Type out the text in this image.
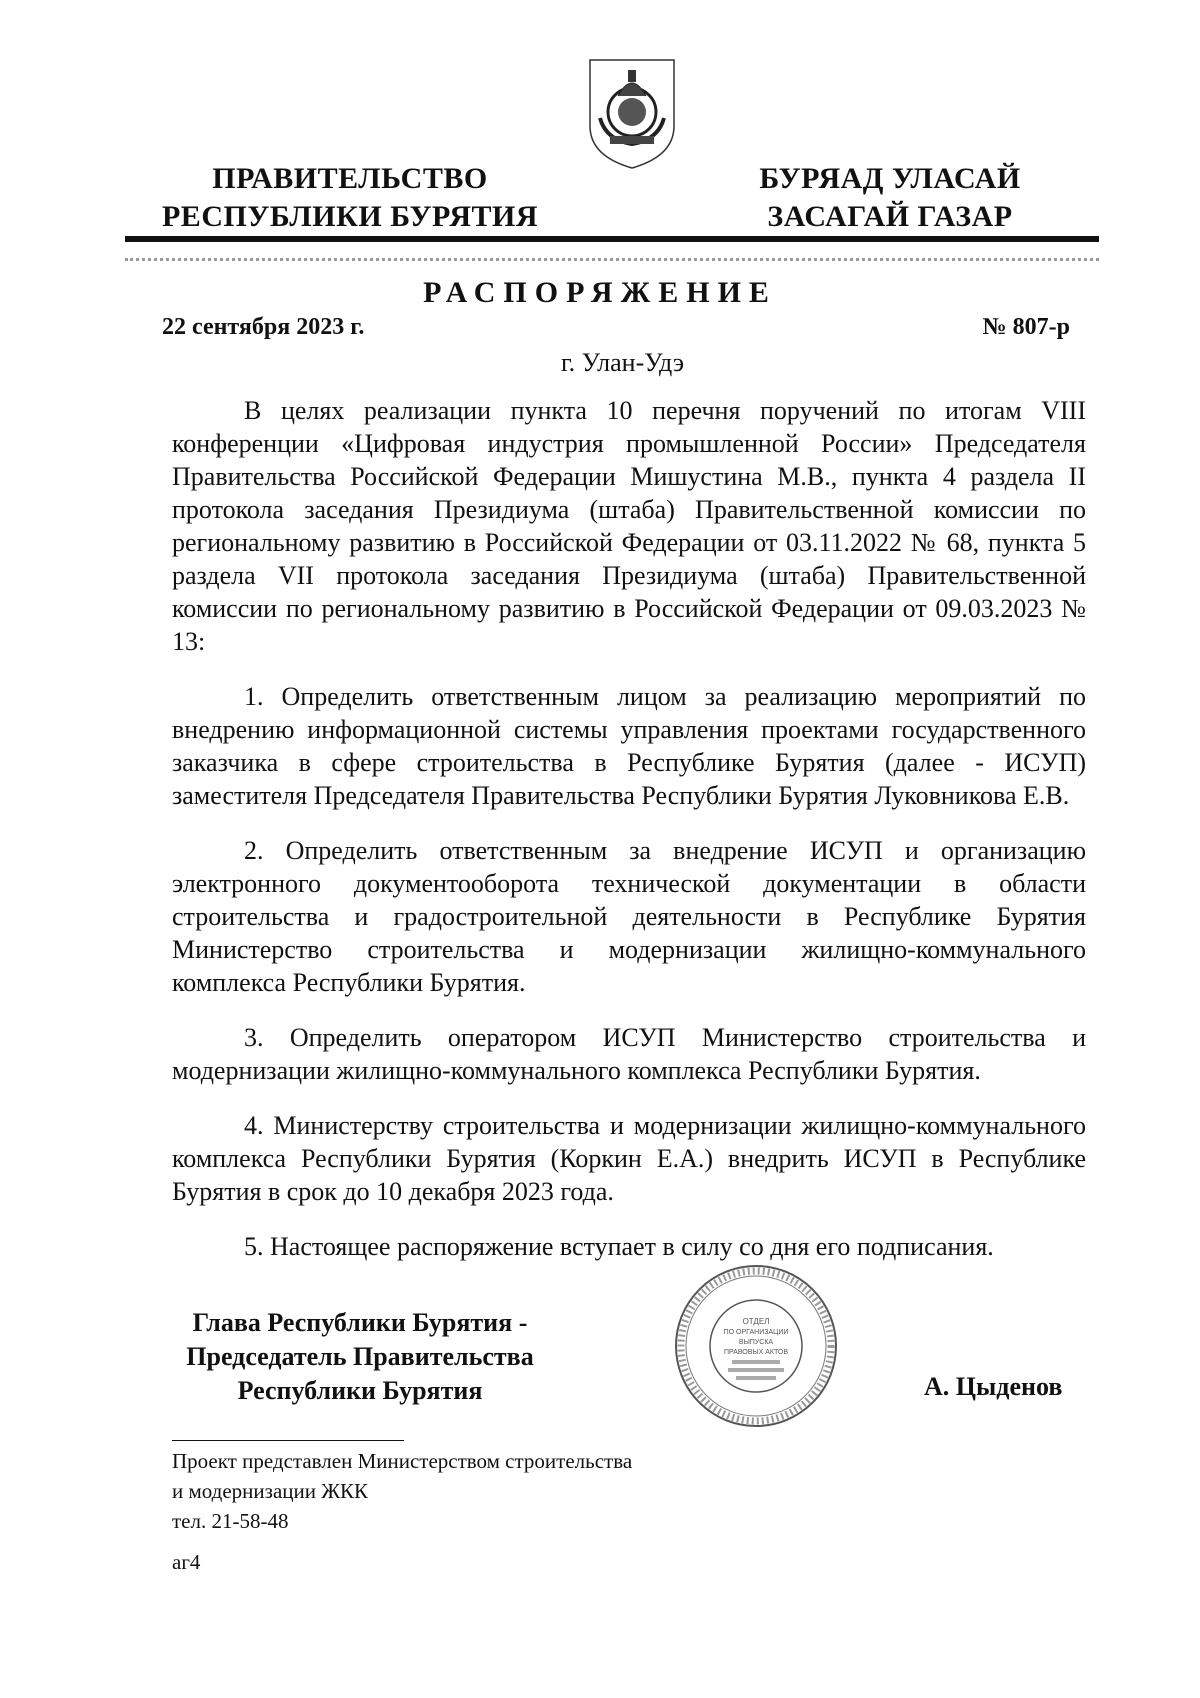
ПРАВИТЕЛЬСТВО
РЕСПУБЛИКИ БУРЯТИЯ
БУРЯАД УЛАСАЙ
ЗАСАГАЙ ГАЗАР
РАСПОРЯЖЕНИЕ
22 сентября 2023 г.	№ 807-р
г. Улан-Удэ

В целях реализации пункта 10 перечня поручений по итогам VIII конференции «Цифровая индустрия промышленной России» Председателя Правительства Российской Федерации Мишустина М.В., пункта 4 раздела II протокола заседания Президиума (штаба) Правительственной комиссии по региональному развитию в Российской Федерации от 03.11.2022 № 68, пункта 5 раздела VII протокола заседания Президиума (штаба) Правительственной комиссии по региональному развитию в Российской Федерации от 09.03.2023 № 13:

1. Определить ответственным лицом за реализацию мероприятий по внедрению информационной системы управления проектами государственного заказчика в сфере строительства в Республике Бурятия (далее - ИСУП) заместителя Председателя Правительства Республики Бурятия Луковникова Е.В.

2. Определить ответственным за внедрение ИСУП и организацию электронного документооборота технической документации в области строительства и градостроительной деятельности в Республике Бурятия Министерство строительства и модернизации жилищно-коммунального комплекса Республики Бурятия.

3. Определить оператором ИСУП Министерство строительства и модернизации жилищно-коммунального комплекса Республики Бурятия.

4. Министерству строительства и модернизации жилищно-коммунального комплекса Республики Бурятия (Коркин Е.А.) внедрить ИСУП в Республике Бурятия в срок до 10 декабря 2023 года.

5. Настоящее распоряжение вступает в силу со дня его подписания.

Глава Республики Бурятия -
Председатель Правительства
Республики Бурятия
ОТДЕЛ
ПО ОРГАНИЗАЦИИ
ВЫПУСКА
ПРАВОВЫХ АКТОВ
А. Цыденов
Проект представлен Министерством строительства
и модернизации ЖКК
тел. 21-58-48
аг4
